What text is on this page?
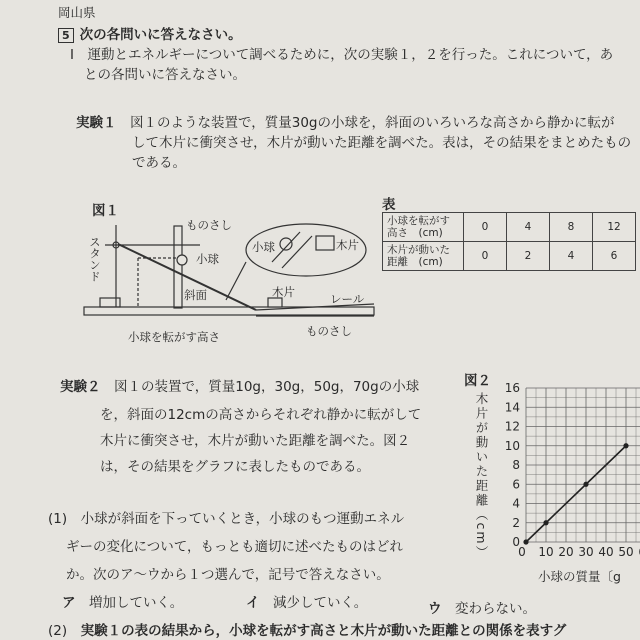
岡山県
5 次の各問いに答えなさい。
Ⅰ　運動とエネルギーについて調べるために，次の実験１，２を行った。これについて，あ
との各問いに答えなさい。
実験１　 図１のような装置で，質量30gの小球を，斜面のいろいろな高さから静かに転が
して木片に衝突させ，木片が動いた距離を調べた。表は，その結果をまとめたもの
である。
図１
ものさし
スタンド	小球
斜面	木片	レール
ものさし
小球を転がす高さ
小球	木片
表
小球を転がす高さ　(cm)	0	4	8	12
木片が動いた距離　(cm)	0	2	4	6
実験２　 図１の装置で，質量10g，30g，50g，70gの小球
を，斜面の12cmの高さからそれぞれ静かに転がして
木片に衝突させ，木片が動いた距離を調べた。図２
は，その結果をグラフに表したものである。
図２
木片が動いた距離（cm） 0
2
4
6
8
10
12
14
16
0 10 20 30 40 50
小球の質量〔g
(1)　 小球が斜面を下っていくとき，小球のもつ運動エネル
ギーの変化について，もっとも適切に述べたものはどれ
か。次のア～ウから１つ選んで，記号で答えなさい。
ア　 増加していく。	イ　 減少していく。	ウ　 変わらない。
(2)　 実験１の表の結果から，小球を転がす高さと木片が動いた距離との関係を表すグ
